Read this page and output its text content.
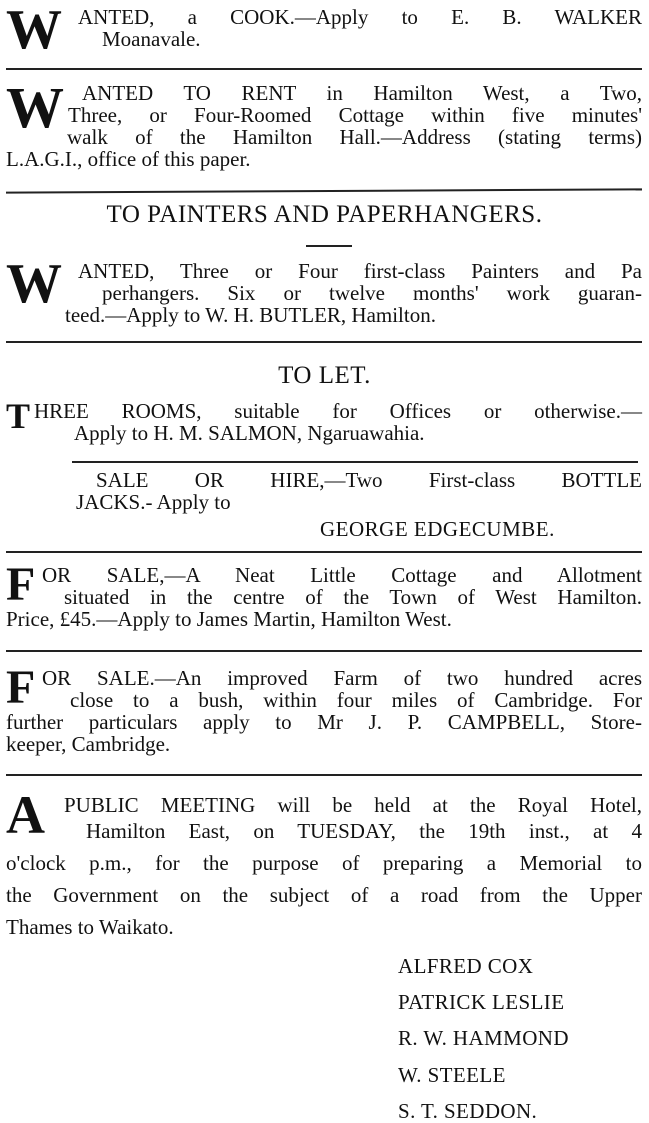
W ANTED, a COOK.—Apply to E. B. WALKER
Moanavale.
W ANTED TO RENT in Hamilton West, a Two,
Three, or Four-Roomed Cottage within five minutes'
walk of the Hamilton Hall.—Address (stating terms)
L.A.G.I., office of this paper.
TO PAINTERS AND PAPERHANGERS.
W ANTED, Three or Four first-class Painters and Pa
perhangers. Six or twelve months' work guaran-
teed.—Apply to W. H. BUTLER, Hamilton.
TO LET.
T HREE ROOMS, suitable for Offices or otherwise.—
Apply to H. M. SALMON, Ngaruawahia.
SALE OR HIRE,—Two First-class BOTTLE
JACKS.- Apply to
GEORGE EDGECUMBE.
F OR SALE,—A Neat Little Cottage and Allotment
situated in the centre of the Town of West Hamilton.
Price, £45.—Apply to James Martin, Hamilton West.
F OR SALE.—An improved Farm of two hundred acres
close to a bush, within four miles of Cambridge. For
further particulars apply to Mr J. P. CAMPBELL, Store-
keeper, Cambridge.
A PUBLIC MEETING will be held at the Royal Hotel,
Hamilton East, on TUESDAY, the 19th inst., at 4
o'clock p.m., for the purpose of preparing a Memorial to
the Government on the subject of a road from the Upper
Thames to Waikato.
ALFRED COX
PATRICK LESLIE
R. W. HAMMOND
W. STEELE
S. T. SEDDON.
